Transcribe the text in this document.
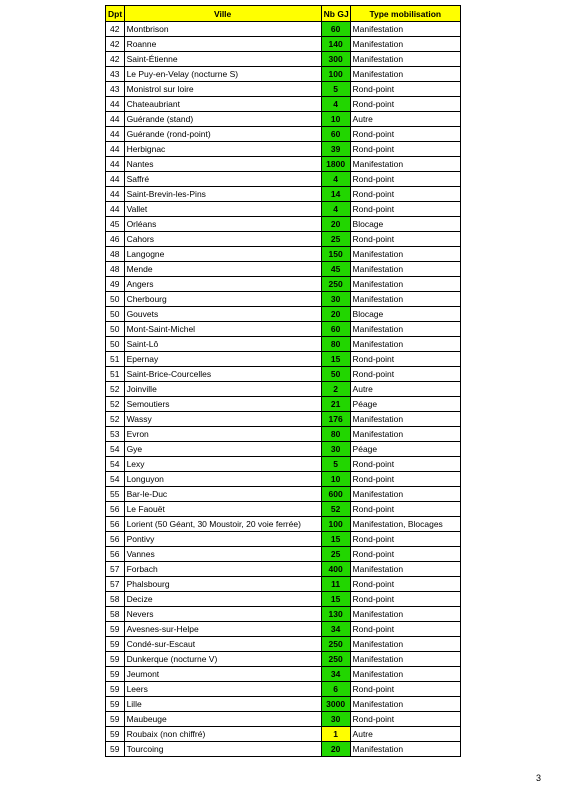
Dpt	Ville	Nb GJ	Type mobilisation
42	Montbrison	60	Manifestation
42	Roanne	140	Manifestation
42	Saint-Étienne	300	Manifestation
43	Le Puy-en-Velay (nocturne S)	100	Manifestation
43	Monistrol sur loire	5	Rond-point
44	Chateaubriant	4	Rond-point
44	Guérande (stand)	10	Autre
44	Guérande (rond-point)	60	Rond-point
44	Herbignac	39	Rond-point
44	Nantes	1800	Manifestation
44	Saffré	4	Rond-point
44	Saint-Brevin-les-Pins	14	Rond-point
44	Vallet	4	Rond-point
45	Orléans	20	Blocage
46	Cahors	25	Rond-point
48	Langogne	150	Manifestation
48	Mende	45	Manifestation
49	Angers	250	Manifestation
50	Cherbourg	30	Manifestation
50	Gouvets	20	Blocage
50	Mont-Saint-Michel	60	Manifestation
50	Saint-Lô	80	Manifestation
51	Epernay	15	Rond-point
51	Saint-Brice-Courcelles	50	Rond-point
52	Joinville	2	Autre
52	Semoutiers	21	Péage
52	Wassy	176	Manifestation
53	Evron	80	Manifestation
54	Gye	30	Péage
54	Lexy	5	Rond-point
54	Longuyon	10	Rond-point
55	Bar-le-Duc	600	Manifestation
56	Le Faouët	52	Rond-point
56	Lorient (50 Géant, 30 Moustoir, 20 voie ferrée)	100	Manifestation, Blocages
56	Pontivy	15	Rond-point
56	Vannes	25	Rond-point
57	Forbach	400	Manifestation
57	Phalsbourg	11	Rond-point
58	Decize	15	Rond-point
58	Nevers	130	Manifestation
59	Avesnes-sur-Helpe	34	Rond-point
59	Condé-sur-Escaut	250	Manifestation
59	Dunkerque (nocturne V)	250	Manifestation
59	Jeumont	34	Manifestation
59	Leers	6	Rond-point
59	Lille	3000	Manifestation
59	Maubeuge	30	Rond-point
59	Roubaix (non chiffré)	1	Autre
59	Tourcoing	20	Manifestation
3
